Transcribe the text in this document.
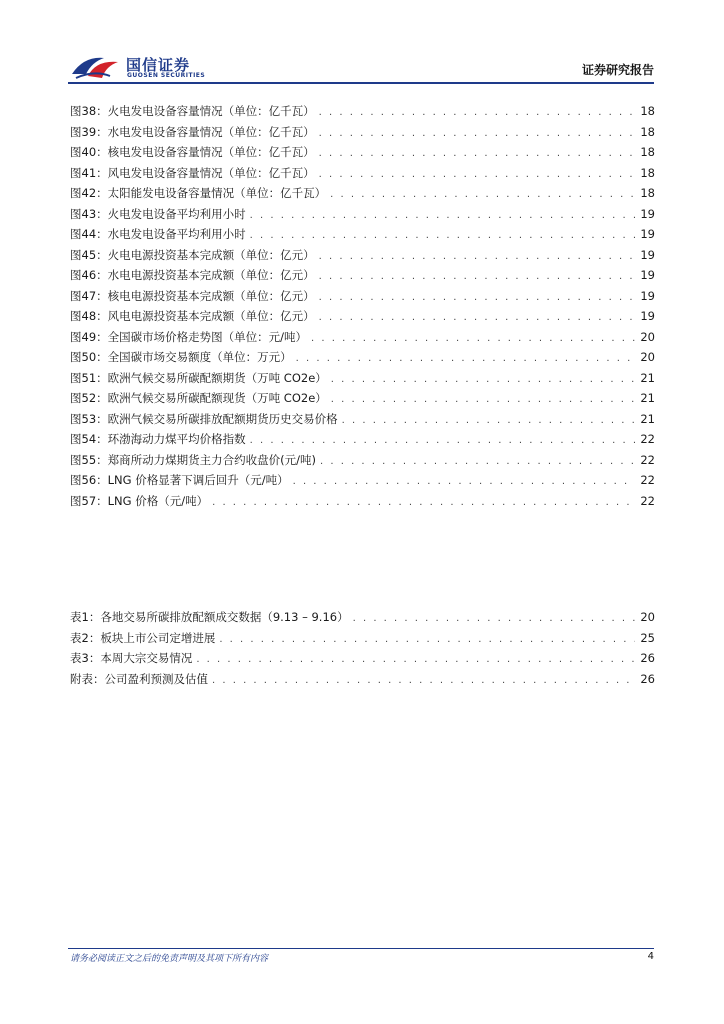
国信证券
GUOSEN SECURITIES	证券研究报告
图38： 火电发电设备容量情况（单位：亿千瓦） . . .	18
图39： 水电发电设备容量情况（单位：亿千瓦） . . .	18
图40： 核电发电设备容量情况（单位：亿千瓦） . . .	18
图41： 风电发电设备容量情况（单位：亿千瓦） . . .	18
图42： 太阳能发电设备容量情况（单位：亿千瓦） . . .	18
图43： 火电发电设备平均利用小时 . . .	19
图44： 水电发电设备平均利用小时 . . .	19
图45： 火电电源投资基本完成额（单位：亿元） . . .	19
图46： 水电电源投资基本完成额（单位：亿元） . . .	19
图47： 核电电源投资基本完成额（单位：亿元） . . .	19
图48： 风电电源投资基本完成额（单位：亿元） . . .	19
图49： 全国碳市场价格走势图（单位：元/吨） . . .	20
图50： 全国碳市场交易额度（单位：万元） . . .	20
图51： 欧洲气候交易所碳配额期货（万吨 CO2e） . . .	21
图52： 欧洲气候交易所碳配额现货（万吨 CO2e） . . .	21
图53： 欧洲气候交易所碳排放配额期货历史交易价格 . . .	21
图54： 环渤海动力煤平均价格指数 . . .	22
图55： 郑商所动力煤期货主力合约收盘价(元/吨) . . .	22
图56： LNG 价格显著下调后回升（元/吨） . . .	22
图57： LNG 价格（元/吨） . . .	22
表1： 各地交易所碳排放配额成交数据（9.13 – 9.16） . . .	20
表2： 板块上市公司定增进展 . . .	25
表3： 本周大宗交易情况 . . .	26
附表： 公司盈利预测及估值 . . .	26
请务必阅读正文之后的免责声明及其项下所有内容	4
